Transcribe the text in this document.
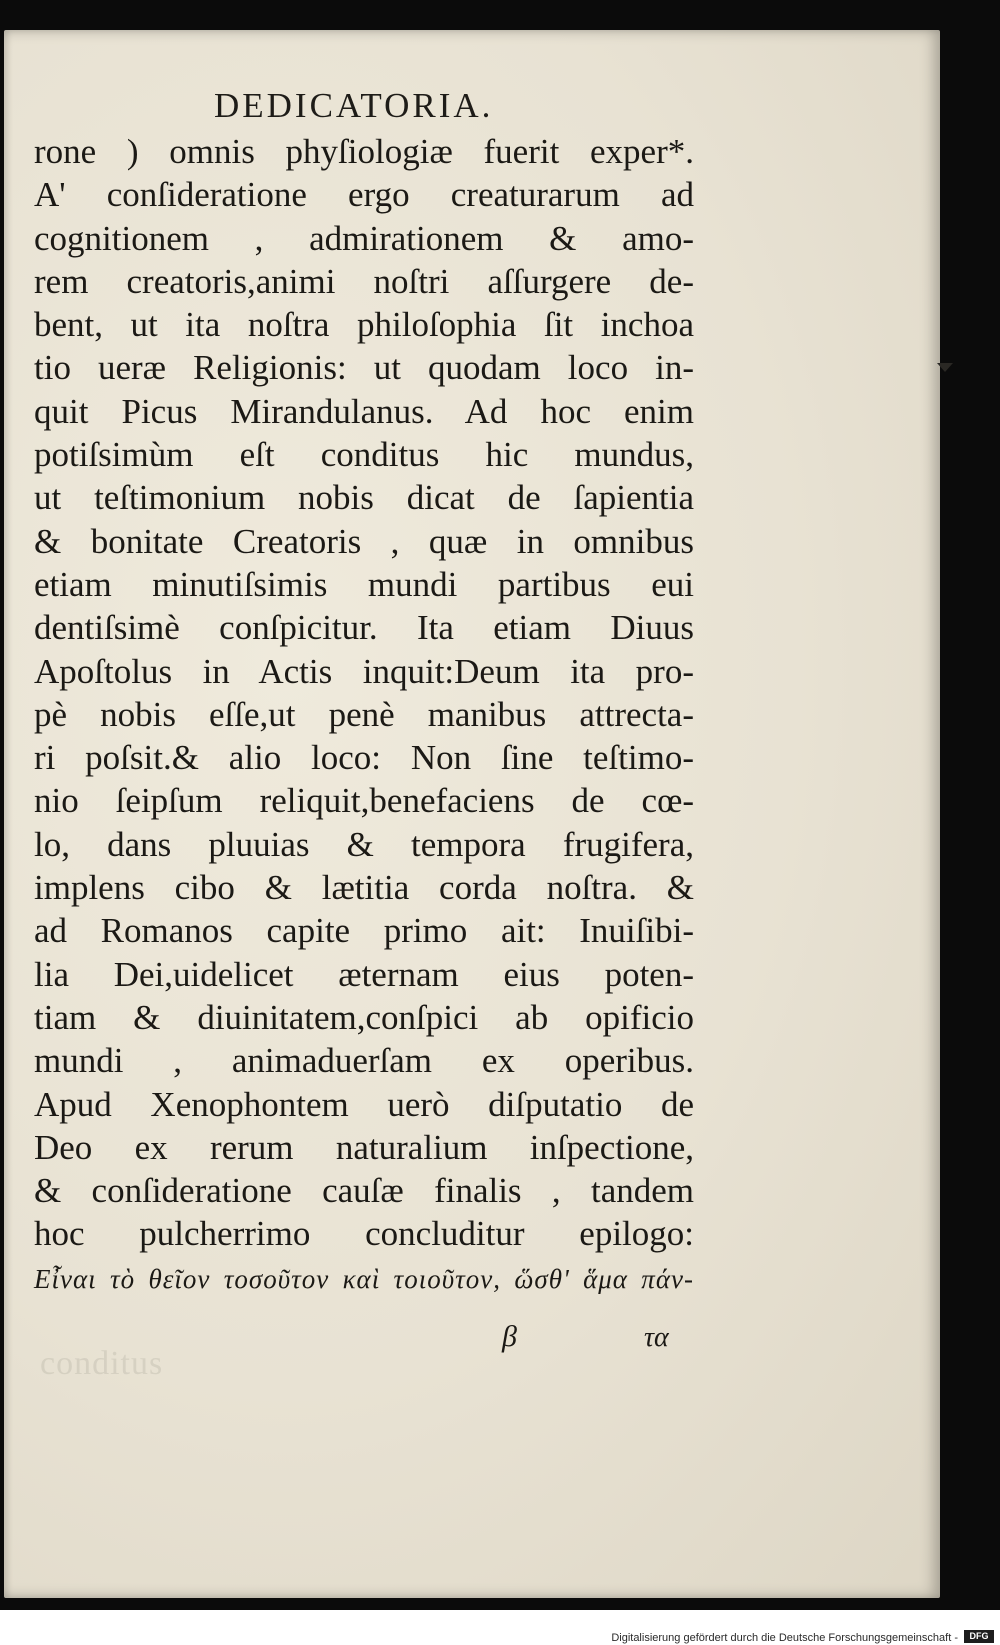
DEDICATORIA.
rone ) omnis phyſiologiæ fuerit exper*.
A' conſideratione ergo creaturarum ad
cognitionem , admirationem & amo-
rem creatoris,animi noſtri aſſurgere de-
bent, ut ita noſtra philoſophia ſit inchoa
tio ueræ Religionis: ut quodam loco in-
quit Picus Mirandulanus. Ad hoc enim
potiſsimùm eſt conditus hic mundus,
ut teſtimonium nobis dicat de ſapientia
& bonitate Creatoris , quæ in omnibus
etiam minutiſsimis mundi partibus eui
dentiſsimè conſpicitur. Ita etiam Diuus
Apoſtolus in Actis inquit:Deum ita pro-
pè nobis eſſe,ut penè manibus attrecta-
ri poſsit.& alio loco: Non ſine teſtimo-
nio ſeipſum reliquit,benefaciens de cœ-
lo, dans pluuias & tempora frugifera,
implens cibo & lætitia corda noſtra. &
ad Romanos capite primo ait: Inuiſibi-
lia Dei,uidelicet æternam eius poten-
tiam & diuinitatem,conſpici ab opificio
mundi , animaduerſam ex operibus.
Apud Xenophontem uerò diſputatio de
Deo ex rerum naturalium inſpectione,
& conſideratione cauſæ finalis , tandem
hoc pulcherrimo concluditur epilogo:
Εἶναι τὸ θεῖον τοσοῦτον καὶ τοιοῦτον, ὥσθ' ἅμα πάν-
conditus
β	τα
Digitalisierung gefördert durch die Deutsche Forschungsgemeinschaft -	DFG
